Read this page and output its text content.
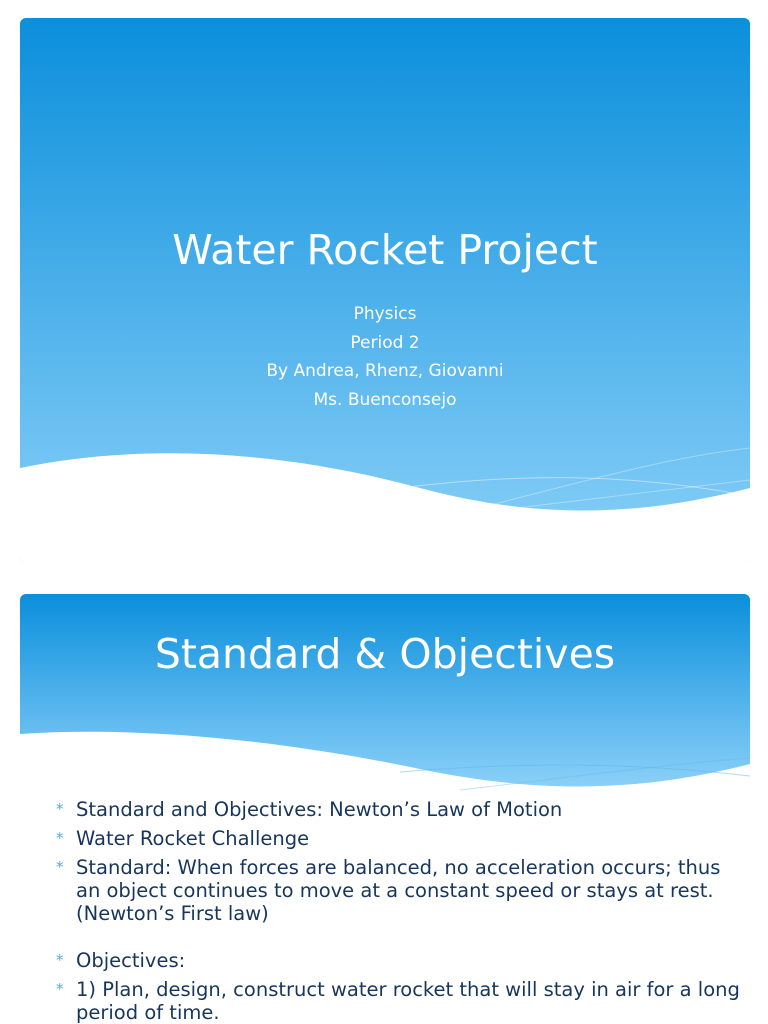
Water Rocket Project
Physics
Period 2
By Andrea, Rhenz, Giovanni
Ms. Buenconsejo
Standard & Objectives
* Standard and Objectives: Newton’s Law of Motion
* Water Rocket Challenge
* Standard: When forces are balanced, no acceleration occurs; thus an object continues to move at a constant speed or stays at rest. (Newton’s First law)
* Objectives:
* 1) Plan, design, construct water rocket that will stay in air for a long period of time.
